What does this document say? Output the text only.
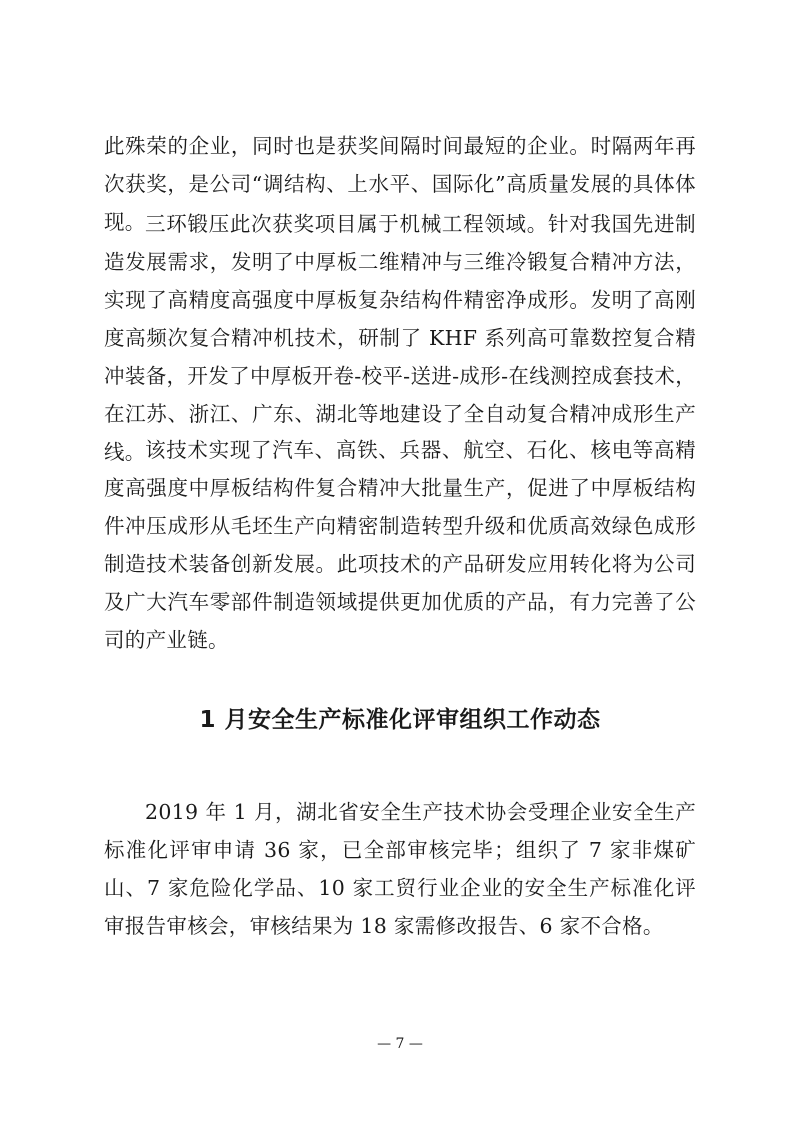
此殊荣的企业，同时也是获奖间隔时间最短的企业。时隔两年再次获奖，是公司“调结构、上水平、国际化”高质量发展的具体体现。 三环锻压此次获奖项目属于机械工程领域。针对我国先进制造发展需求，发明了中厚板二维精冲与三维冷锻复合精冲方法，实现了高精度高强度中厚板复杂结构件精密净成形。发明了高刚度高频次复合精冲机技术，研制了 KHF 系列高可靠数控复合精冲装备，开发了中厚板开卷-校平-送进-成形-在线测控成套技术，在江苏、浙江、广东、湖北等地建设了全自动复合精冲成形生产线。 该技术实现了汽车、高铁、兵器、航空、石化、核电等高精度高强度中厚板结构件复合精冲大批量生产，促进了中厚板结构件冲压成形从毛坯生产向精密制造转型升级和优质高效绿色成形制造技术装备创新发展。此项技术的产品研发应用转化将为公司及广大汽车零部件制造领域提供更加优质的产品，有力完善了公司的产业链。

1 月安全生产标准化评审组织工作动态

2019 年 1 月，湖北省安全生产技术协会受理企业安全生产标准化评审申请 36 家，已全部审核完毕；组织了 7 家非煤矿山、7 家危险化学品、10 家工贸行业企业的安全生产标准化评审报告审核会，审核结果为 18 家需修改报告、6 家不合格。

— 7 —
